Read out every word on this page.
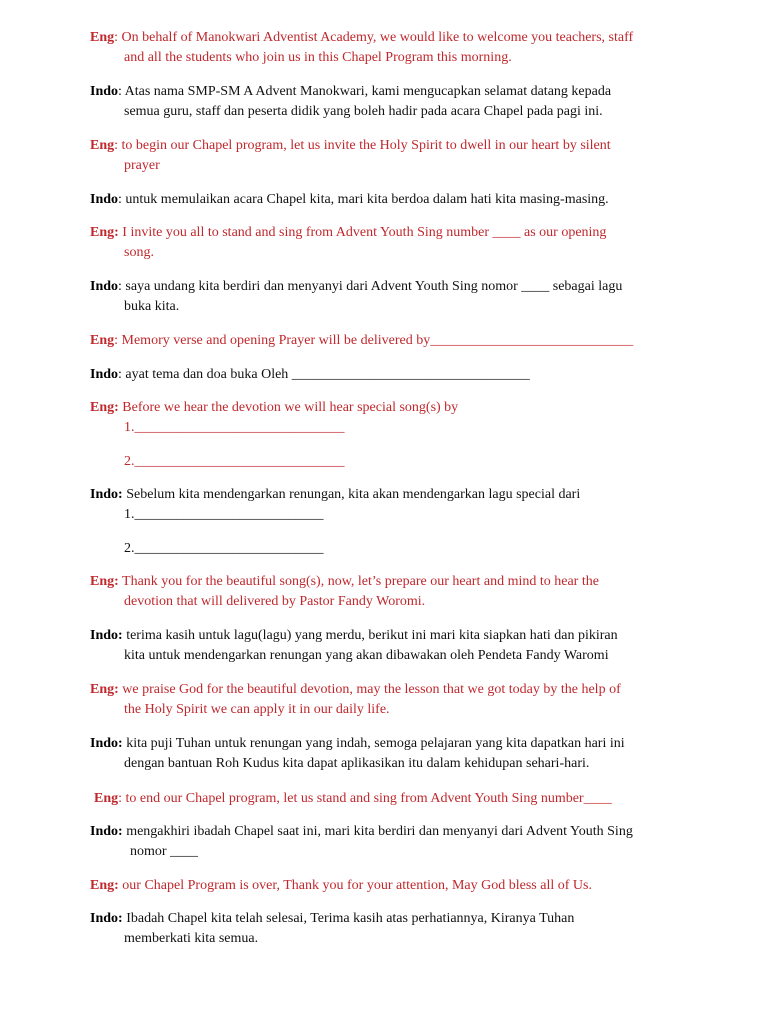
Eng: On behalf of Manokwari Adventist Academy, we would like to welcome you teachers, staff
and all the students who join us in this Chapel Program this morning.

Indo: Atas nama SMP-SM A Advent Manokwari, kami mengucapkan selamat datang kepada
semua guru, staff dan peserta didik yang boleh hadir pada acara Chapel pada pagi ini.

Eng: to begin our Chapel program, let us invite the Holy Spirit to dwell in our heart by silent
prayer

Indo: untuk memulaikan acara Chapel kita, mari kita berdoa dalam hati kita masing-masing.

Eng: I invite you all to stand and sing from Advent Youth Sing number ____ as our opening
song.

Indo: saya undang kita berdiri dan menyanyi dari Advent Youth Sing nomor ____ sebagai lagu
buka kita.

Eng: Memory verse and opening Prayer will be delivered by_____________________________

Indo: ayat tema dan doa buka Oleh __________________________________

Eng: Before we hear the devotion we will hear special song(s) by
1.______________________________

2.______________________________

Indo: Sebelum kita mendengarkan renungan, kita akan mendengarkan lagu special dari
1.___________________________

2.___________________________

Eng: Thank you for the beautiful song(s), now, let’s prepare our heart and mind to hear the
devotion that will delivered by Pastor Fandy Woromi.

Indo: terima kasih untuk lagu(lagu) yang merdu, berikut ini mari kita siapkan hati dan pikiran
kita untuk mendengarkan renungan yang akan dibawakan oleh Pendeta Fandy Waromi

Eng: we praise God for the beautiful devotion, may the lesson that we got today by the help of
the Holy Spirit we can apply it in our daily life.

Indo: kita puji Tuhan untuk renungan yang indah, semoga pelajaran yang kita dapatkan hari ini
dengan bantuan Roh Kudus kita dapat aplikasikan itu dalam kehidupan sehari-hari.

Eng: to end our Chapel program, let us stand and sing from Advent Youth Sing number____

Indo: mengakhiri ibadah Chapel saat ini, mari kita berdiri dan menyanyi dari Advent Youth Sing
nomor ____

Eng: our Chapel Program is over, Thank you for your attention, May God bless all of Us.

Indo: Ibadah Chapel kita telah selesai, Terima kasih atas perhatiannya, Kiranya Tuhan
memberkati kita semua.
